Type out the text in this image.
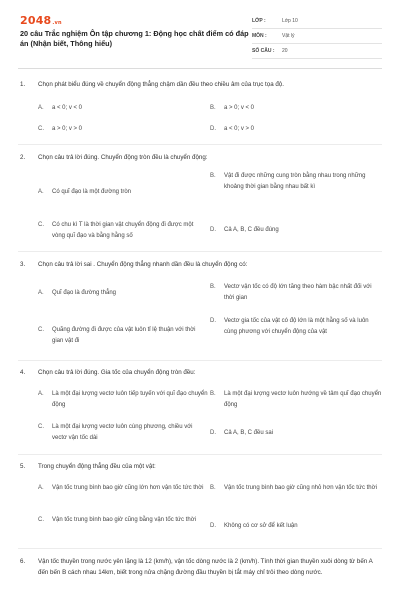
2048.vn
20 câu Trắc nghiệm Ôn tập chương 1: Động học chất điểm có đáp án (Nhận biết, Thông hiểu)
LỚP :	Lớp 10
MÔN :	Vật lý
SỐ CÂU :	20
1.	Chọn phát biểu đúng về chuyển động thẳng chậm dần đều theo chiều âm của trục tọa độ.
A.	a < 0; v < 0	B.	a > 0; v < 0
C.	a > 0; v > 0	D.	a < 0; v > 0
2.	Chọn câu trả lời đúng. Chuyển động tròn đều là chuyển động:
A.	Có quĩ đạo là một đường tròn
B.	Vật đi được những cung tròn bằng nhau trong những khoảng thời gian bằng nhau bất kì
C.	Có chu kì T là thời gian vật chuyển động đi được một vòng quĩ đạo và bằng hằng số
D.	Cả A, B, C đều đúng
3.	Chọn câu trả lời sai . Chuyển động thẳng nhanh dần đều là chuyển động có:
A.	Quĩ đạo là đường thẳng
B.	Vectơ vận tốc có độ lớn tăng theo hàm bậc nhất đối với thời gian
C.	Quãng đường đi được của vật luôn tỉ lệ thuận với thời gian vật đi
D.	Vectơ gia tốc của vật có độ lớn là một hằng số và luôn cùng phương với chuyển động của vật
4.	Chọn câu trả lời đúng. Gia tốc của chuyển động tròn đều:
A.	Là một đại lượng vectơ luôn tiếp tuyến với quĩ đạo chuyển động
B.	Là một đại lượng vectơ luôn hướng về tâm quĩ đạo chuyển động
C.	Là một đại lượng vectơ luôn cùng phương, chiều với vectơ vận tốc dài
D.	Cả A, B, C đều sai
5.	Trong chuyển động thẳng đều của một vật:
A.	Vận tốc trung bình bao giờ cũng lớn hơn vận tốc tức thời	B.	Vận tốc trung bình bao giờ cũng nhỏ hơn vận tốc tức thời
C.	Vận tốc trung bình bao giờ cũng bằng vận tốc tức thời
D.	Không có cơ sở để kết luận
6.	Vận tốc thuyền trong nước yên lặng là 12 (km/h), vận tốc dòng nước là 2 (km/h). Tính thời gian thuyền xuôi dòng từ bến A đến bến B cách nhau 14km, biết trong nửa chặng đường đầu thuyền bị tắt máy chỉ trôi theo dòng nước.
